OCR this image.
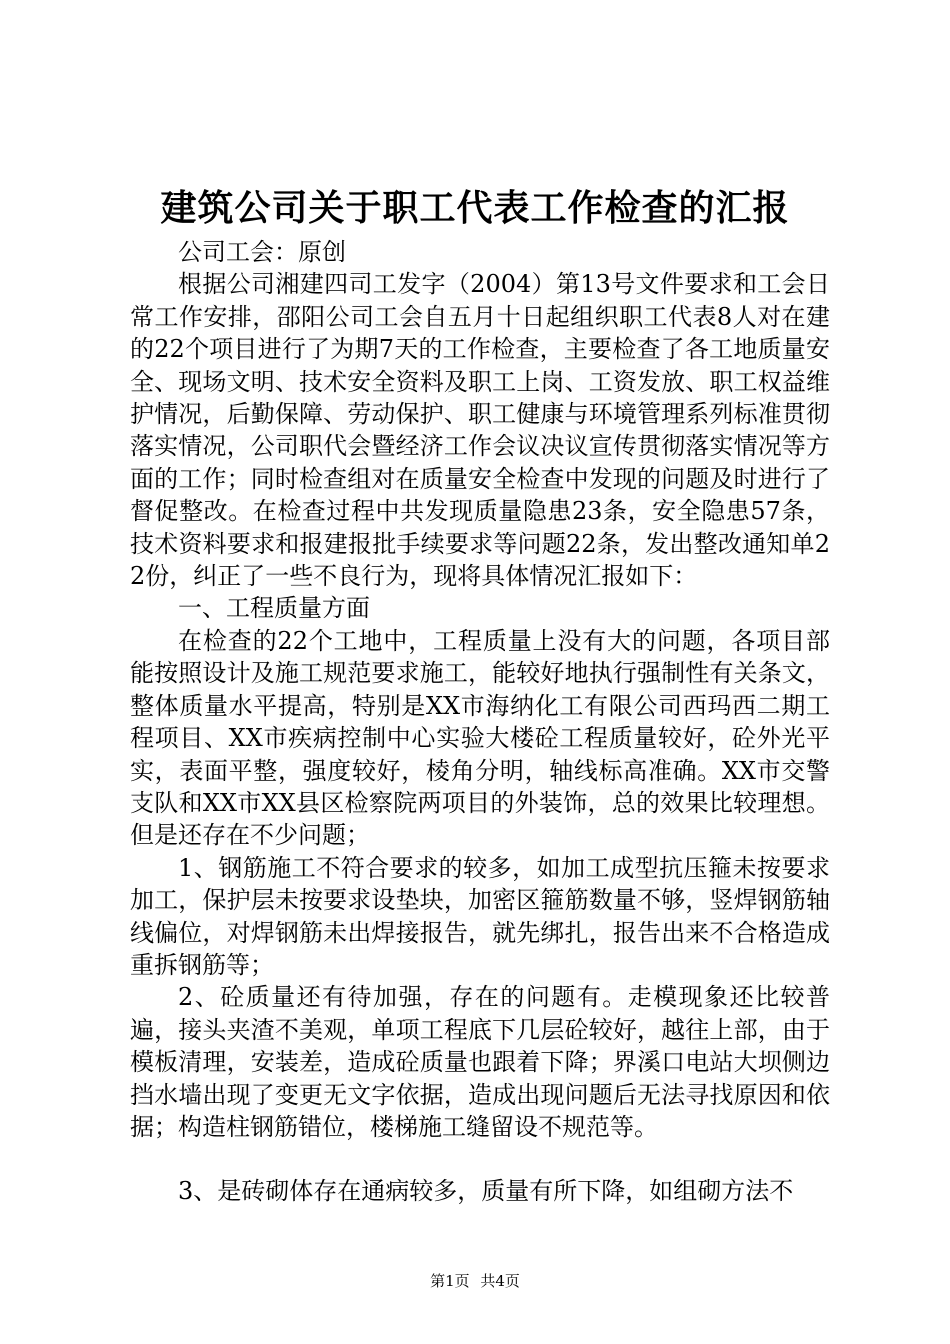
建筑公司关于职工代表工作检查的汇报

公司工会：原创

根据公司湘建四司工发字（2004）第13号文件要求和工会日常工作安排，邵阳公司工会自五月十日起组织职工代表8人对在建的22个项目进行了为期7天的工作检查，主要检查了各工地质量安全、现场文明、技术安全资料及职工上岗、工资发放、职工权益维护情况，后勤保障、劳动保护、职工健康与环境管理系列标准贯彻落实情况，公司职代会暨经济工作会议决议宣传贯彻落实情况等方面的工作；同时检查组对在质量安全检查中发现的问题及时进行了督促整改。在检查过程中共发现质量隐患23条，安全隐患57条，技术资料要求和报建报批手续要求等问题22条，发出整改通知单22份，纠正了一些不良行为，现将具体情况汇报如下：

一、工程质量方面

在检查的22个工地中，工程质量上没有大的问题，各项目部能按照设计及施工规范要求施工，能较好地执行强制性有关条文，整体质量水平提高，特别是XX市海纳化工有限公司西玛西二期工程项目、XX市疾病控制中心实验大楼砼工程质量较好，砼外光平实，表面平整，强度较好，棱角分明，轴线标高准确。XX市交警支队和XX市XX县区检察院两项目的外装饰，总的效果比较理想。但是还存在不少问题；

1、钢筋施工不符合要求的较多，如加工成型抗压箍未按要求加工，保护层未按要求设垫块，加密区箍筋数量不够，竖焊钢筋轴线偏位，对焊钢筋未出焊接报告，就先绑扎，报告出来不合格造成重拆钢筋等；

2、砼质量还有待加强，存在的问题有。走模现象还比较普遍，接头夹渣不美观，单项工程底下几层砼较好，越往上部，由于模板清理，安装差，造成砼质量也跟着下降；界溪口电站大坝侧边挡水墙出现了变更无文字依据，造成出现问题后无法寻找原因和依据；构造柱钢筋错位，楼梯施工缝留设不规范等。

3、是砖砌体存在通病较多，质量有所下降，如组砌方法不

第1页 共4页
